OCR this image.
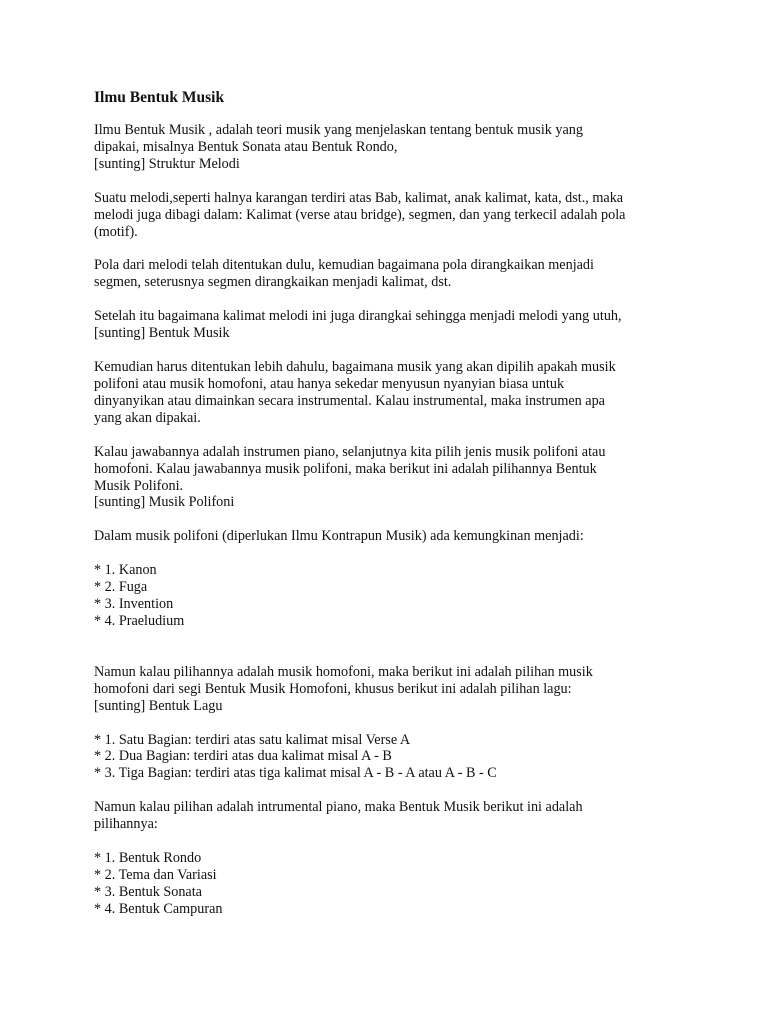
Ilmu Bentuk Musik
Ilmu Bentuk Musik , adalah teori musik yang menjelaskan tentang bentuk musik yang
dipakai, misalnya Bentuk Sonata atau Bentuk Rondo,
[sunting] Struktur Melodi
Suatu melodi,seperti halnya karangan terdiri atas Bab, kalimat, anak kalimat, kata, dst., maka
melodi juga dibagi dalam: Kalimat (verse atau bridge), segmen, dan yang terkecil adalah pola
(motif).
Pola dari melodi telah ditentukan dulu, kemudian bagaimana pola dirangkaikan menjadi
segmen, seterusnya segmen dirangkaikan menjadi kalimat, dst.
Setelah itu bagaimana kalimat melodi ini juga dirangkai sehingga menjadi melodi yang utuh,
[sunting] Bentuk Musik
Kemudian harus ditentukan lebih dahulu, bagaimana musik yang akan dipilih apakah musik
polifoni atau musik homofoni, atau hanya sekedar menyusun nyanyian biasa untuk
dinyanyikan atau dimainkan secara instrumental. Kalau instrumental, maka instrumen apa
yang akan dipakai.
Kalau jawabannya adalah instrumen piano, selanjutnya kita pilih jenis musik polifoni atau
homofoni. Kalau jawabannya musik polifoni, maka berikut ini adalah pilihannya Bentuk
Musik Polifoni.
[sunting] Musik Polifoni
Dalam musik polifoni (diperlukan Ilmu Kontrapun Musik) ada kemungkinan menjadi:
* 1. Kanon
* 2. Fuga
* 3. Invention
* 4. Praeludium
Namun kalau pilihannya adalah musik homofoni, maka berikut ini adalah pilihan musik
homofoni dari segi Bentuk Musik Homofoni, khusus berikut ini adalah pilihan lagu:
[sunting] Bentuk Lagu
* 1. Satu Bagian: terdiri atas satu kalimat misal Verse A
* 2. Dua Bagian: terdiri atas dua kalimat misal A - B
* 3. Tiga Bagian: terdiri atas tiga kalimat misal A - B - A atau A - B - C
Namun kalau pilihan adalah intrumental piano, maka Bentuk Musik berikut ini adalah
pilihannya:
* 1. Bentuk Rondo
* 2. Tema dan Variasi
* 3. Bentuk Sonata
* 4. Bentuk Campuran
